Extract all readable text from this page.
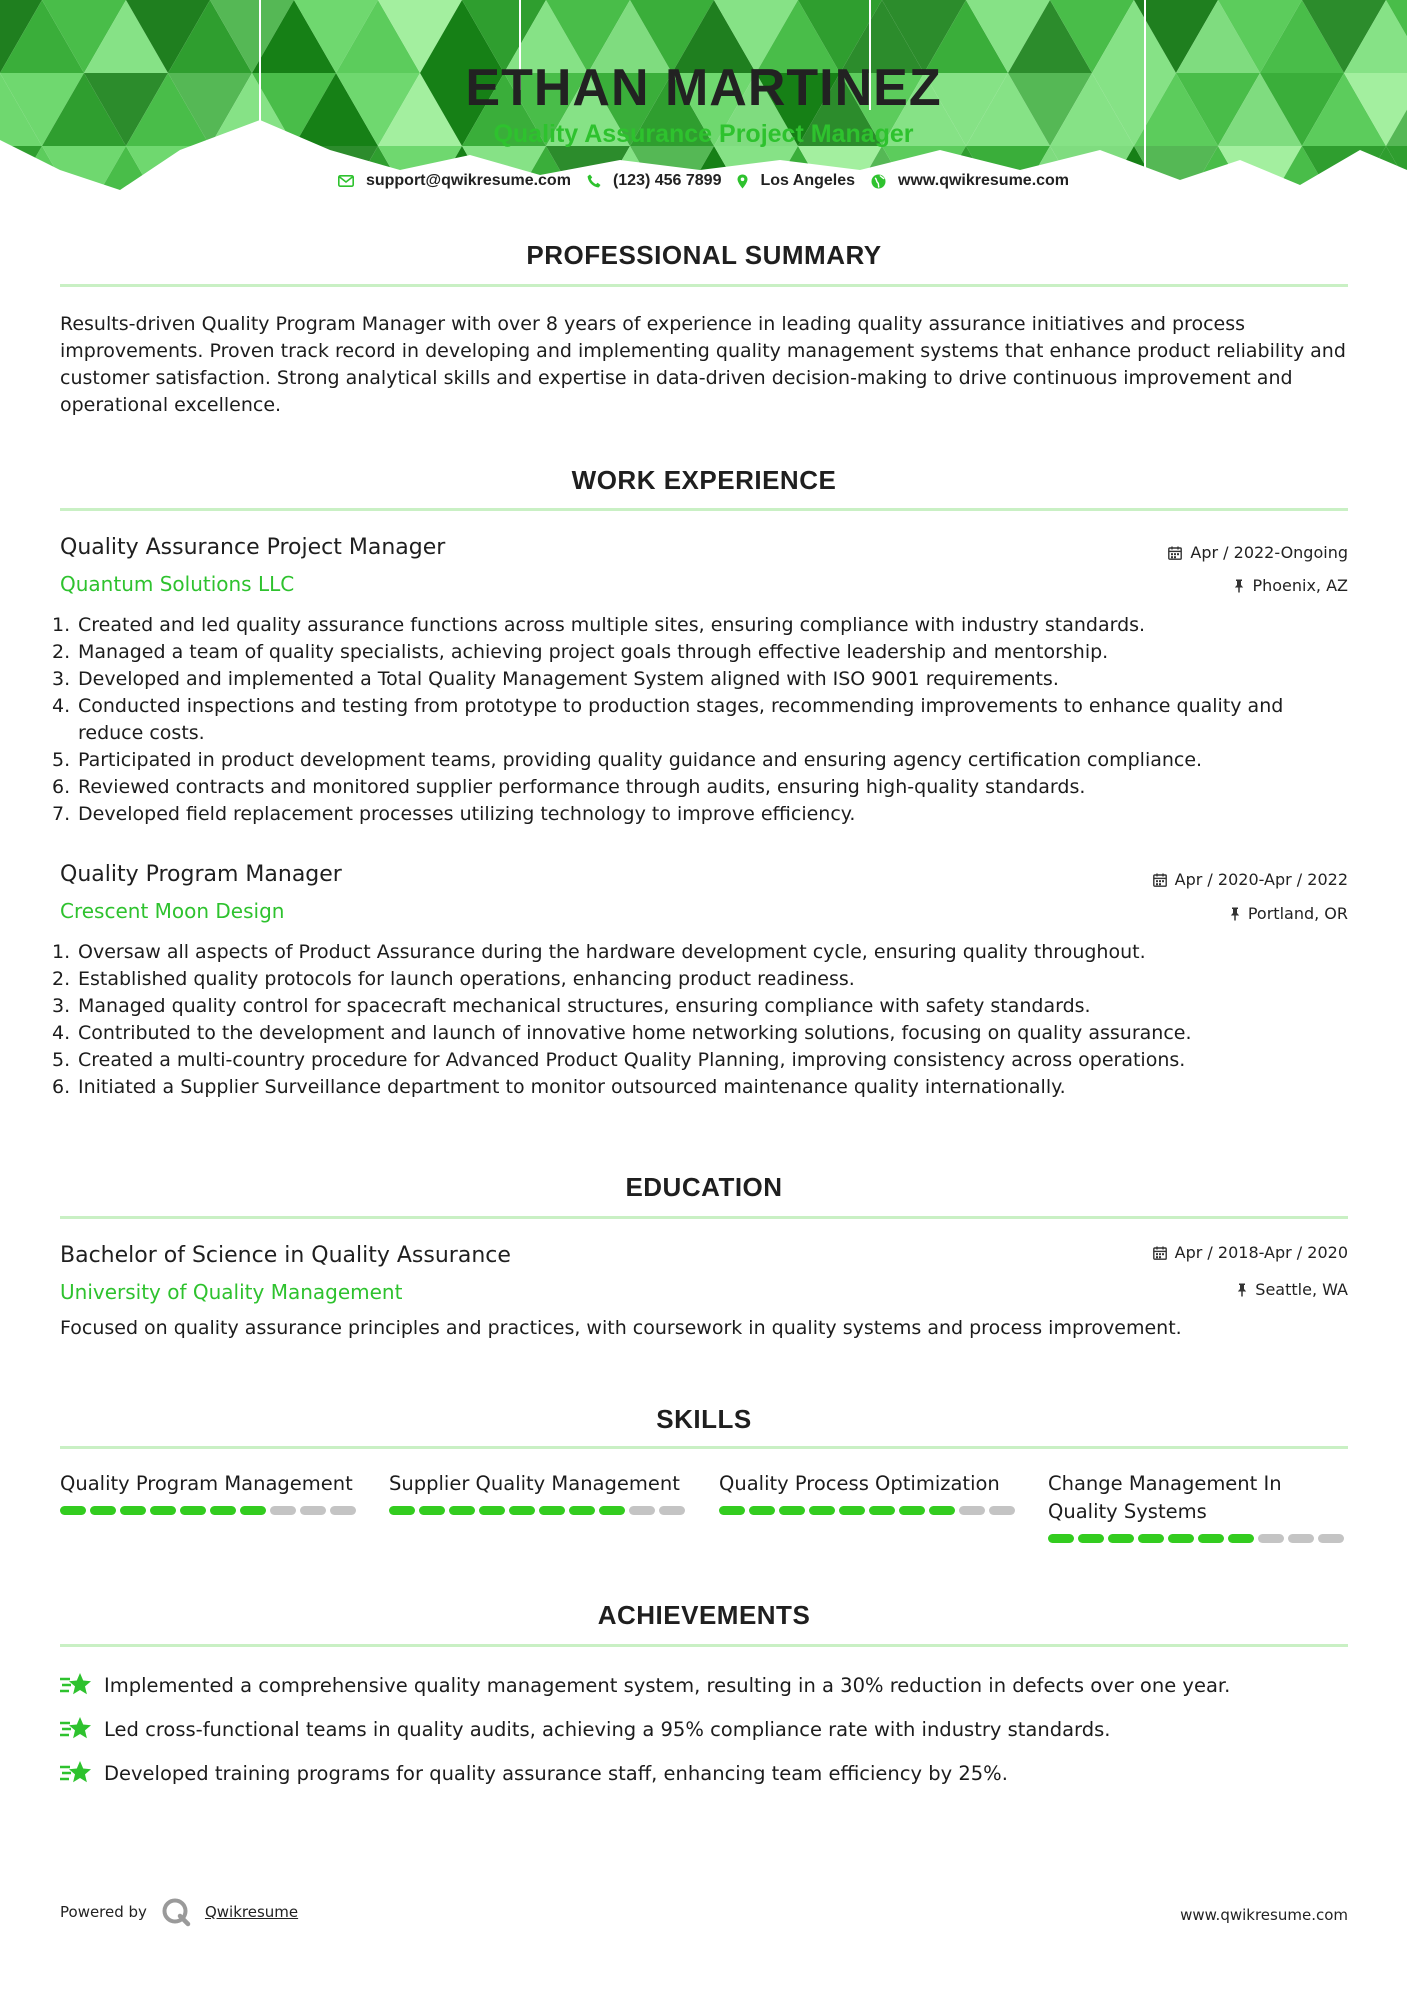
ETHAN MARTINEZ
Quality Assurance Project Manager
support@qwikresume.com	(123) 456 7899 Los Angeles	www.qwikresume.com
PROFESSIONAL SUMMARY
Results-driven Quality Program Manager with over 8 years of experience in leading quality assurance initiatives and process improvements. Proven track record in developing and implementing quality management systems that enhance product reliability and customer satisfaction. Strong analytical skills and expertise in data-driven decision-making to drive continuous improvement and operational excellence.
WORK EXPERIENCE
Quality Assurance Project Manager	Apr / 2022-Ongoing
Quantum Solutions LLC	Phoenix, AZ
1. Created and led quality assurance functions across multiple sites, ensuring compliance with industry standards.
2. Managed a team of quality specialists, achieving project goals through effective leadership and mentorship.
3. Developed and implemented a Total Quality Management System aligned with ISO 9001 requirements.
4. Conducted inspections and testing from prototype to production stages, recommending improvements to enhance quality and reduce costs.
5. Participated in product development teams, providing quality guidance and ensuring agency certification compliance.
6. Reviewed contracts and monitored supplier performance through audits, ensuring high-quality standards.
7. Developed field replacement processes utilizing technology to improve efficiency.
Quality Program Manager	Apr / 2020-Apr / 2022
Crescent Moon Design	Portland, OR
1. Oversaw all aspects of Product Assurance during the hardware development cycle, ensuring quality throughout.
2. Established quality protocols for launch operations, enhancing product readiness.
3. Managed quality control for spacecraft mechanical structures, ensuring compliance with safety standards.
4. Contributed to the development and launch of innovative home networking solutions, focusing on quality assurance.
5. Created a multi-country procedure for Advanced Product Quality Planning, improving consistency across operations.
6. Initiated a Supplier Surveillance department to monitor outsourced maintenance quality internationally.
EDUCATION
Bachelor of Science in Quality Assurance	Apr / 2018-Apr / 2020
University of Quality Management	Seattle, WA
Focused on quality assurance principles and practices, with coursework in quality systems and process improvement.
SKILLS
Quality Program Management	Supplier Quality Management	Quality Process Optimization	Change Management In Quality Systems
ACHIEVEMENTS
Implemented a comprehensive quality management system, resulting in a 30% reduction in defects over one year.
Led cross-functional teams in quality audits, achieving a 95% compliance rate with industry standards.
Developed training programs for quality assurance staff, enhancing team efficiency by 25%.
Powered by	Qwikresume	www.qwikresume.com
